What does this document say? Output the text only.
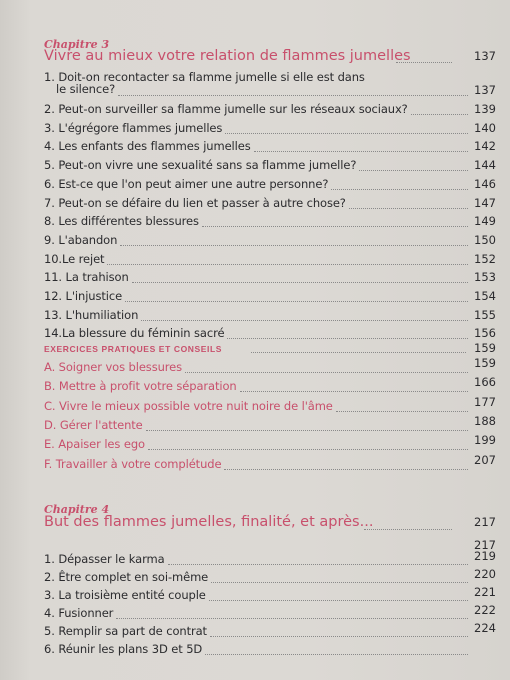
Chapitre 3
Vivre au mieux votre relation de flammes jumelles	137
1. Doit-on recontacter sa flamme jumelle si elle est dans
le silence?	137
2. Peut-on surveiller sa flamme jumelle sur les réseaux sociaux?	139
3. L'égrégore flammes jumelles	140
4. Les enfants des flammes jumelles	142
5. Peut-on vivre une sexualité sans sa flamme jumelle?	144
6. Est-ce que l'on peut aimer une autre personne?	146
7. Peut-on se défaire du lien et passer à autre chose?	147
8. Les différentes blessures	149
9. L'abandon	150
10.Le rejet	152
11. La trahison	153
12. L'injustice	154
13. L'humiliation	155
14.La blessure du féminin sacré	156
EXERCICES PRATIQUES ET CONSEILS	159
A. Soigner vos blessures	159
B. Mettre à profit votre séparation	166
C. Vivre le mieux possible votre nuit noire de l'âme	177
D. Gérer l'attente	188
E. Apaiser les ego	199
F. Travailler à votre complétude	207
Chapitre 4
But des flammes jumelles, finalité, et après...	217
217
1. Dépasser le karma	219
2. Être complet en soi-même	220
3. La troisième entité couple	221
4. Fusionner	222
5. Remplir sa part de contrat	224
6. Réunir les plans 3D et 5D
